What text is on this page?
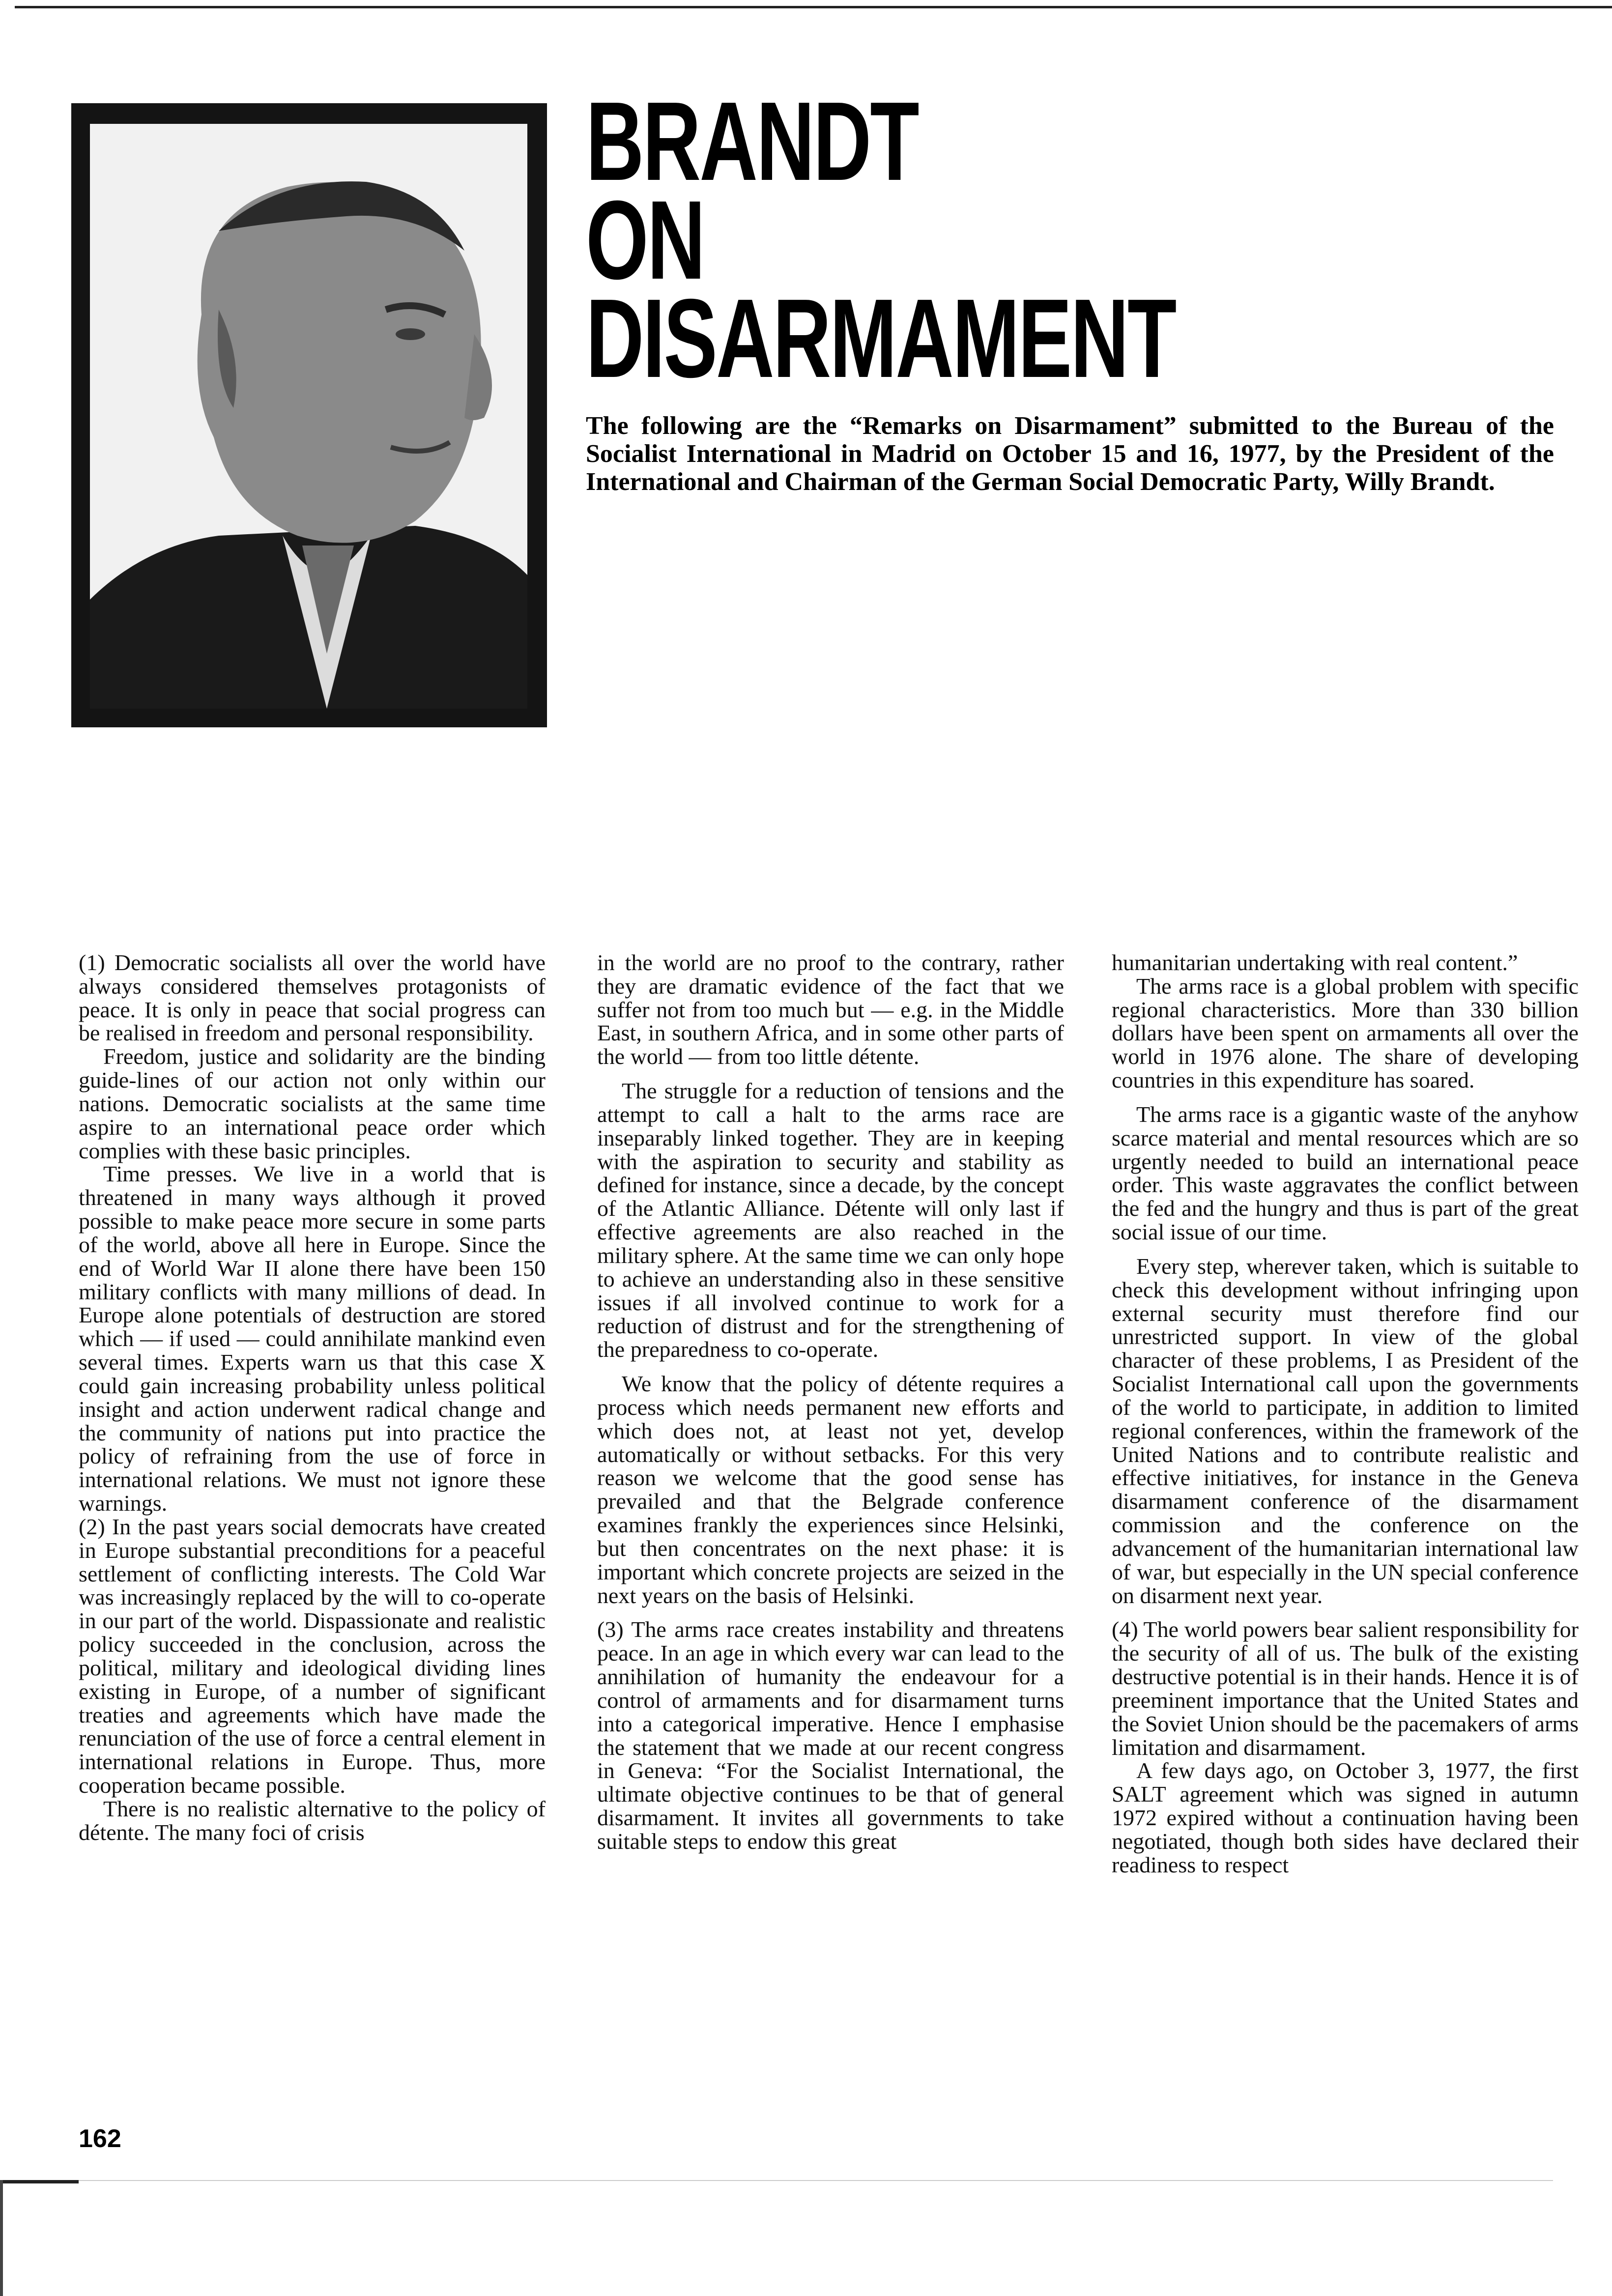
BRANDT
ON
DISARMAMENT
The following are the “Remarks on Disarmament” submitted to the Bureau of the Socialist International in Madrid on October 15 and 16, 1977, by the President of the International and Chairman of the German Social Democratic Party, Willy Brandt.

(1) Democratic socialists all over the world have always considered themselves protagonists of peace. It is only in peace that social progress can be realised in freedom and personal responsibility.

Freedom, justice and solidarity are the binding guide-lines of our action not only within our nations. Democratic socialists at the same time aspire to an international peace order which complies with these basic principles.

Time presses. We live in a world that is threatened in many ways although it proved possible to make peace more secure in some parts of the world, above all here in Europe. Since the end of World War II alone there have been 150 military conflicts with many millions of dead. In Europe alone potentials of destruction are stored which — if used — could annihilate mankind even several times. Experts warn us that this case X could gain increasing probability unless political insight and action underwent radical change and the community of nations put into practice the policy of refraining from the use of force in international relations. We must not ignore these warnings.

(2) In the past years social democrats have created in Europe substantial preconditions for a peaceful settlement of conflicting interests. The Cold War was increasingly replaced by the will to co-operate in our part of the world. Dispassionate and realistic policy succeeded in the conclusion, across the political, military and ideological dividing lines existing in Europe, of a number of significant treaties and agreements which have made the renunciation of the use of force a central element in international relations in Europe. Thus, more cooperation became possible.

There is no realistic alternative to the policy of détente. The many foci of crisis

in the world are no proof to the contrary, rather they are dramatic evidence of the fact that we suffer not from too much but — e.g. in the Middle East, in southern Africa, and in some other parts of the world — from too little détente.

The struggle for a reduction of tensions and the attempt to call a halt to the arms race are inseparably linked together. They are in keeping with the aspiration to security and stability as defined for instance, since a decade, by the concept of the Atlantic Alliance. Détente will only last if effective agreements are also reached in the military sphere. At the same time we can only hope to achieve an understanding also in these sensitive issues if all involved continue to work for a reduction of distrust and for the strengthening of the preparedness to co-operate.

We know that the policy of détente requires a process which needs permanent new efforts and which does not, at least not yet, develop automatically or without setbacks. For this very reason we welcome that the good sense has prevailed and that the Belgrade conference examines frankly the experiences since Helsinki, but then concentrates on the next phase: it is important which concrete projects are seized in the next years on the basis of Helsinki.

(3) The arms race creates instability and threatens peace. In an age in which every war can lead to the annihilation of humanity the endeavour for a control of armaments and for disarmament turns into a categorical imperative. Hence I emphasise the statement that we made at our recent congress in Geneva: “For the Socialist International, the ultimate objective continues to be that of general disarmament. It invites all governments to take suitable steps to endow this great

humanitarian undertaking with real content.”

The arms race is a global problem with specific regional characteristics. More than 330 billion dollars have been spent on armaments all over the world in 1976 alone. The share of developing countries in this expenditure has soared.

The arms race is a gigantic waste of the anyhow scarce material and mental resources which are so urgently needed to build an international peace order. This waste aggravates the conflict between the fed and the hungry and thus is part of the great social issue of our time.

Every step, wherever taken, which is suitable to check this development without infringing upon external security must therefore find our unrestricted support. In view of the global character of these problems, I as President of the Socialist International call upon the governments of the world to participate, in addition to limited regional conferences, within the framework of the United Nations and to contribute realistic and effective initiatives, for instance in the Geneva disarmament conference of the disarmament commission and the conference on the advancement of the humanitarian international law of war, but especially in the UN special conference on disarment next year.

(4) The world powers bear salient responsibility for the security of all of us. The bulk of the existing destructive potential is in their hands. Hence it is of preeminent importance that the United States and the Soviet Union should be the pacemakers of arms limitation and disarmament.

A few days ago, on October 3, 1977, the first SALT agreement which was signed in autumn 1972 expired without a continuation having been negotiated, though both sides have declared their readiness to respect

162
